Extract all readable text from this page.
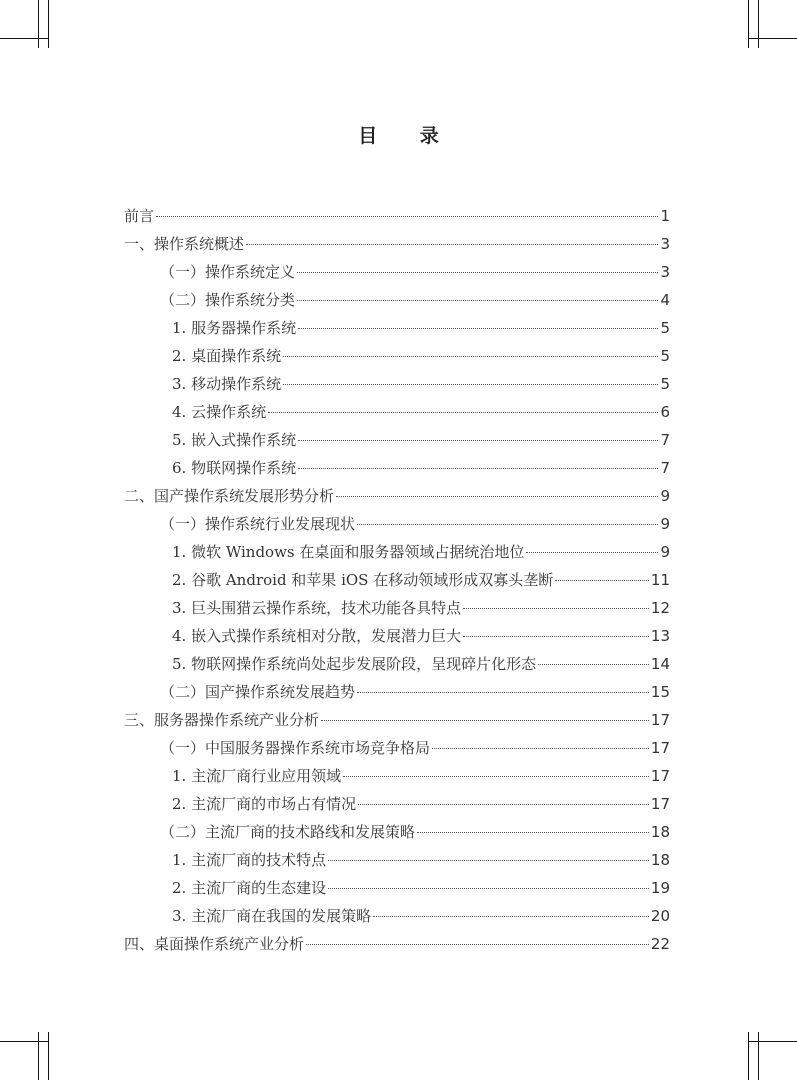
目 录
前言	1
一、操作系统概述	3
（一）操作系统定义	3
（二）操作系统分类	4
1. 服务器操作系统	5
2. 桌面操作系统	5
3. 移动操作系统	5
4. 云操作系统	6
5. 嵌入式操作系统	7
6. 物联网操作系统	7
二、国产操作系统发展形势分析	9
（一）操作系统行业发展现状	9
1. 微软 Windows 在桌面和服务器领域占据统治地位	9
2. 谷歌 Android 和苹果 iOS 在移动领域形成双寡头垄断	11
3. 巨头围猎云操作系统，技术功能各具特点	12
4. 嵌入式操作系统相对分散，发展潜力巨大	13
5. 物联网操作系统尚处起步发展阶段，呈现碎片化形态	14
（二）国产操作系统发展趋势	15
三、服务器操作系统产业分析	17
（一）中国服务器操作系统市场竞争格局	17
1. 主流厂商行业应用领域	17
2. 主流厂商的市场占有情况	17
（二）主流厂商的技术路线和发展策略	18
1. 主流厂商的技术特点	18
2. 主流厂商的生态建设	19
3. 主流厂商在我国的发展策略	20
四、桌面操作系统产业分析	22
